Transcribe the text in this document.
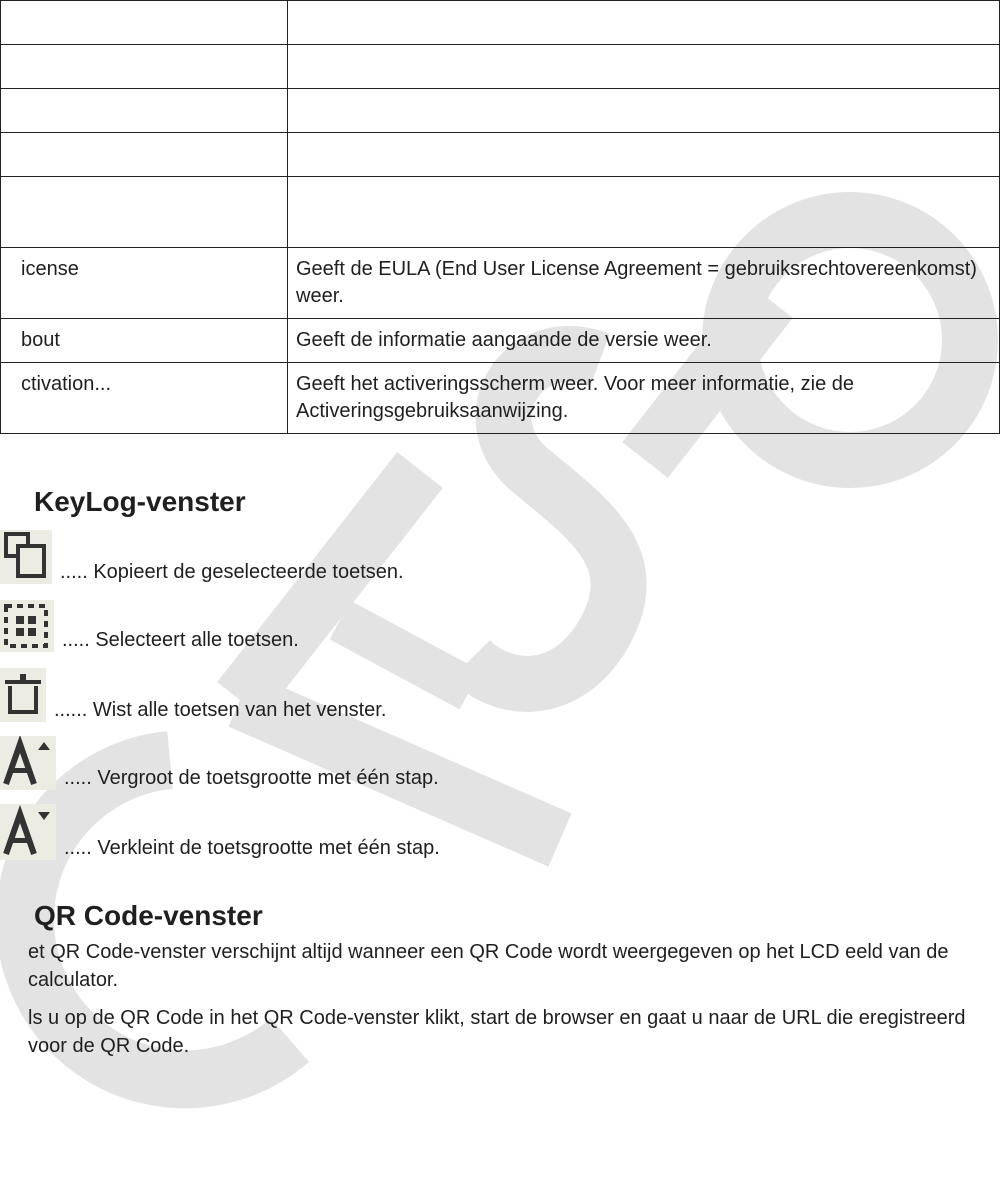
icense	Geeft de EULA (End User License Agreement = gebruiksrechtovereenkomst) weer.
bout	Geeft de informatie aangaande de versie weer.
ctivation...	Geeft het activeringsscherm weer. Voor meer informatie, zie de Activeringsgebruiksaanwijzing.
KeyLog-venster
..... Kopieert de geselecteerde toetsen.
..... Selecteert alle toetsen.
...... Wist alle toetsen van het venster.
..... Vergroot de toetsgrootte met één stap.
..... Verkleint de toetsgrootte met één stap.
QR Code-venster

et QR Code-venster verschijnt altijd wanneer een QR Code wordt weergegeven op het LCD eeld van de calculator.

ls u op de QR Code in het QR Code-venster klikt, start de browser en gaat u naar de URL die eregistreerd voor de QR Code.
